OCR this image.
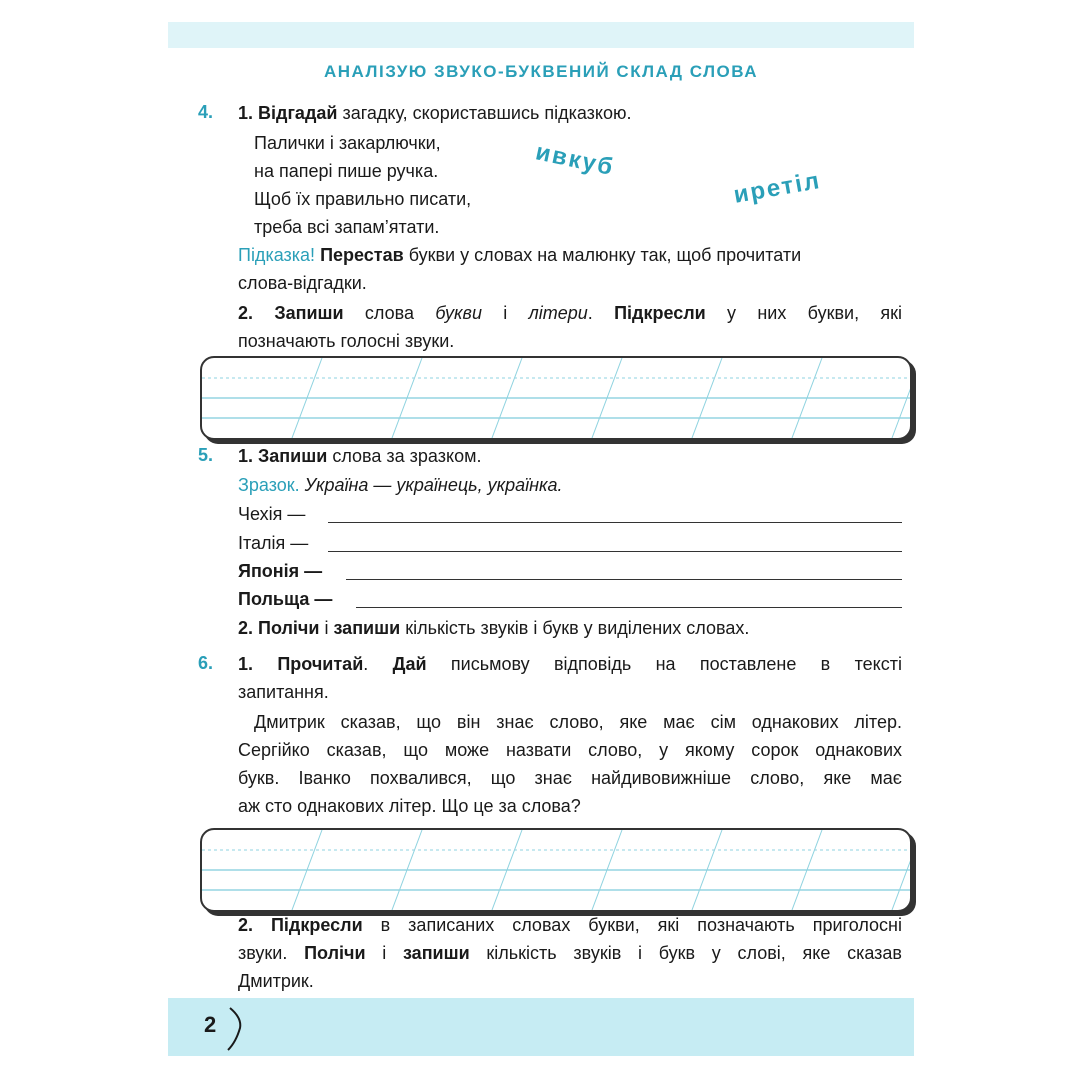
АНАЛІЗУЮ ЗВУКО-БУКВЕНИЙ СКЛАД СЛОВА
4. 1. Відгадай загадку, скориставшись підказкою.
Палички і закарлючки,
на папері пише ручка.
Щоб їх правильно писати,
треба всі запам’ятати.
ивкуб
иретіл
Підказка! Перестав букви у словах на малюнку так, щоб прочитати
слова-відгадки.
2. Запиши слова букви і літери. Підкресли у них букви, які
позначають голосні звуки.
5. 1. Запиши слова за зразком.
Зразок. Україна — українець, українка.
Чехія —
Італія —
Японія —
Польща —
2. Полічи і запиши кількість звуків і букв у виділених словах.
6. 1. Прочитай. Дай письмову відповідь на поставлене в тексті
запитання.
Дмитрик сказав, що він знає слово, яке має сім однакових літер.
Сергійко сказав, що може назвати слово, у якому сорок однакових
букв. Іванко похвалився, що знає найдивовижніше слово, яке має
аж сто однакових літер. Що це за слова?
2. Підкресли в записаних словах букви, які позначають приголосні
звуки. Полічи і запиши кількість звуків і букв у слові, яке сказав
Дмитрик.
2
